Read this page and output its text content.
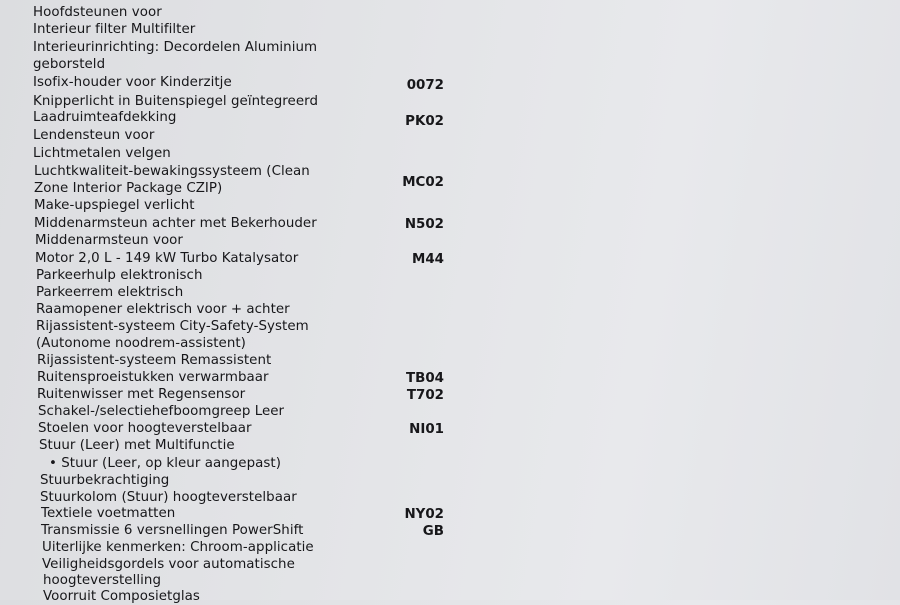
Hoofdsteunen voor
Interieur filter Multifilter
Interieurinrichting: Decordelen Aluminium
geborsteld
Isofix-houder voor Kinderzitje	0072
Knipperlicht in Buitenspiegel geïntegreerd
Laadruimteafdekking	PK02
Lendensteun voor
Lichtmetalen velgen
Luchtkwaliteit-bewakingssysteem (Clean
Zone Interior Package CZIP)	MC02
Make-upspiegel verlicht
Middenarmsteun achter met Bekerhouder	N502
Middenarmsteun voor
Motor 2,0 L - 149 kW Turbo Katalysator	M44
Parkeerhulp elektronisch
Parkeerrem elektrisch
Raamopener elektrisch voor + achter
Rijassistent-systeem City-Safety-System
(Autonome noodrem-assistent)
Rijassistent-systeem Remassistent
Ruitensproeistukken verwarmbaar	TB04
Ruitenwisser met Regensensor	T702
Schakel-/selectiehefboomgreep Leer
Stoelen voor hoogteverstelbaar	NI01
Stuur (Leer) met Multifunctie
• Stuur (Leer, op kleur aangepast)
Stuurbekrachtiging
Stuurkolom (Stuur) hoogteverstelbaar
Textiele voetmatten	NY02
Transmissie 6 versnellingen PowerShift	GB
Uiterlijke kenmerken: Chroom-applicatie
Veiligheidsgordels voor automatische
hoogteverstelling
Voorruit Composietglas
